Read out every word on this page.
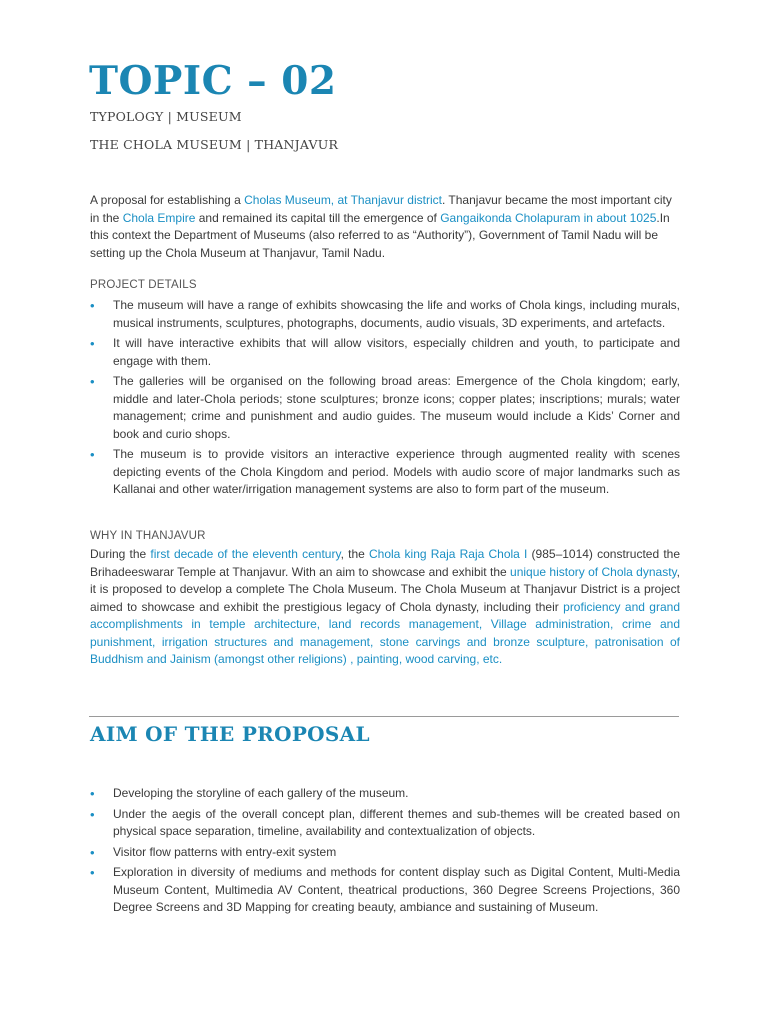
TOPIC – 02

TYPOLOGY | MUSEUM

THE CHOLA MUSEUM | THANJAVUR

A proposal for establishing a Cholas Museum, at Thanjavur district. Thanjavur became the most important city in the Chola Empire and remained its capital till the emergence of Gangaikonda Cholapuram in about 1025.In this context the Department of Museums (also referred to as “Authority”), Government of Tamil Nadu will be setting up the Chola Museum at Thanjavur, Tamil Nadu.

PROJECT DETAILS

• The museum will have a range of exhibits showcasing the life and works of Chola kings, including murals, musical instruments, sculptures, photographs, documents, audio visuals, 3D experiments, and artefacts.
• It will have interactive exhibits that will allow visitors, especially children and youth, to participate and engage with them.
• The galleries will be organised on the following broad areas: Emergence of the Chola kingdom; early, middle and later-Chola periods; stone sculptures; bronze icons; copper plates; inscriptions; murals; water management; crime and punishment and audio guides. The museum would include a Kids’ Corner and book and curio shops.
• The museum is to provide visitors an interactive experience through augmented reality with scenes depicting events of the Chola Kingdom and period. Models with audio score of major landmarks such as Kallanai and other water/irrigation management systems are also to form part of the museum.

WHY IN THANJAVUR

During the first decade of the eleventh century, the Chola king Raja Raja Chola I (985–1014) constructed the Brihadeeswarar Temple at Thanjavur. With an aim to showcase and exhibit the unique history of Chola dynasty, it is proposed to develop a complete The Chola Museum. The Chola Museum at Thanjavur District is a project aimed to showcase and exhibit the prestigious legacy of Chola dynasty, including their proficiency and grand accomplishments in temple architecture, land records management, Village administration, crime and punishment, irrigation structures and management, stone carvings and bronze sculpture, patronisation of Buddhism and Jainism (amongst other religions) , painting, wood carving, etc.

AIM OF THE PROPOSAL
• Developing the storyline of each gallery of the museum.
• Under the aegis of the overall concept plan, different themes and sub-themes will be created based on physical space separation, timeline, availability and contextualization of objects.
• Visitor flow patterns with entry-exit system
• Exploration in diversity of mediums and methods for content display such as Digital Content, Multi-Media Museum Content, Multimedia AV Content, theatrical productions, 360 Degree Screens Projections, 360 Degree Screens and 3D Mapping for creating beauty, ambiance and sustaining of Museum.
